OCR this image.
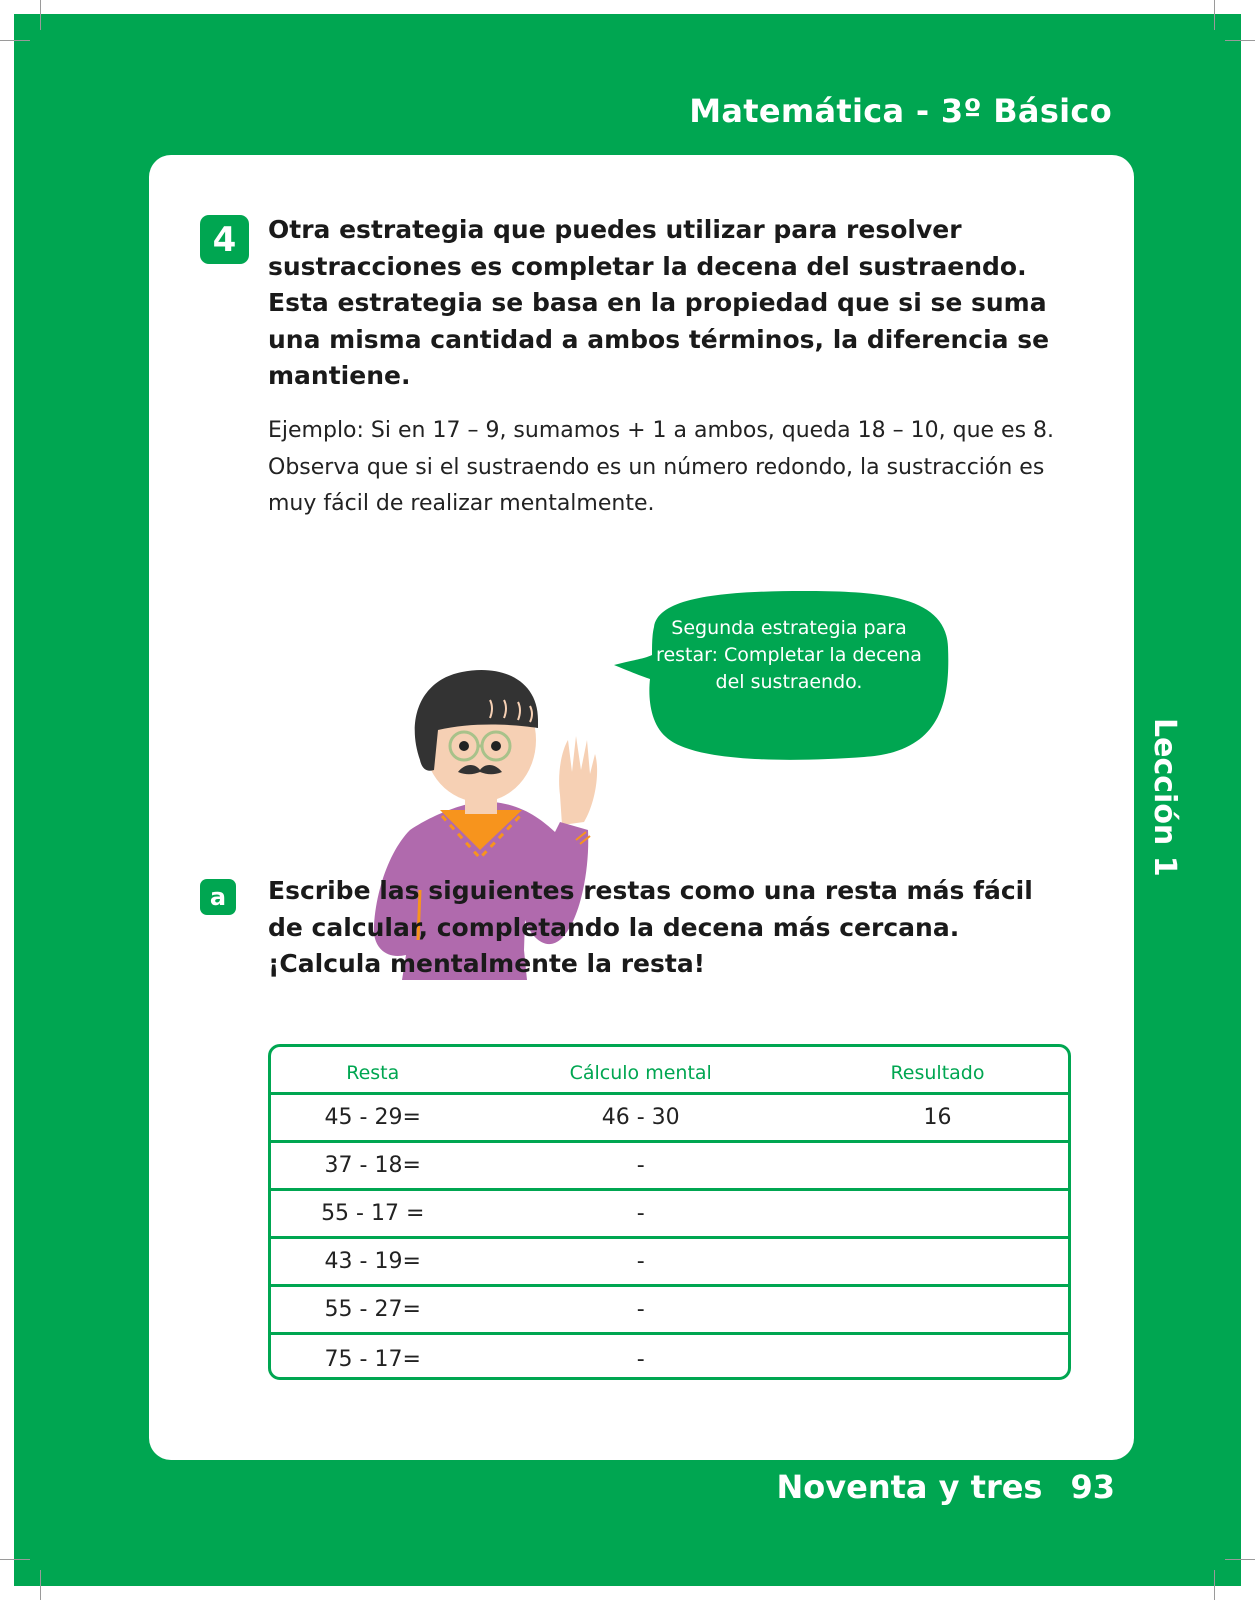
Matemática - 3º Básico
Lección 1
4	Otra estrategia que puedes utilizar para resolver sustracciones es completar la decena del sustraendo. Esta estrategia se basa en la propiedad que si se suma una misma cantidad a ambos términos, la diferencia se mantiene.

Ejemplo: Si en 17 – 9, sumamos + 1 a ambos, queda 18 – 10, que es 8. Observa que si el sustraendo es un número redondo, la sustracción es muy fácil de realizar mentalmente.

Segunda estrategia para restar: Completar la decena del sustraendo.
a	Escribe las siguientes restas como una resta más fácil de calcular, completando la decena más cercana. ¡Calcula mentalmente la resta!

Resta	Cálculo mental	Resultado
45 - 29=	46 - 30	16
37 - 18=	-
55 - 17 =	-
43 - 19=	-
55 - 27=	-
75 - 17=	-
Noventa y tres 93
